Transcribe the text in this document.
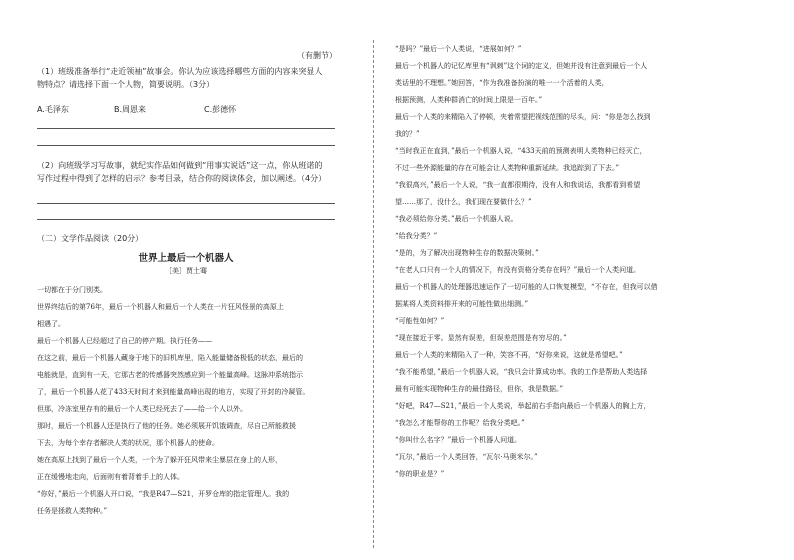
（有删节）
（1）班级准备举行“走近领袖”故事会。你认为应该选择哪些方面的内容来突显人
物特点？请选择下面一个人物，简要说明。（3分）
A.毛泽东	B.周恩来	C.彭德怀
（2）向班级学习写故事，就纪实作品如何做到“用事实说话”这一点，你从班诺的
写作过程中得到了怎样的启示？参考目录，结合你的阅读体会，加以阐述。（4分）
（二）文学作品阅读（20分）
世界上最后一个机器人
［美］贾土骞
一切都在于分门别类。
世界终结后的第76年，最后一个机器人和最后一个人类在一片狂风怪景的高原上
相遇了。
最后一个机器人已经超过了自己的停产期。执行任务——
在这之前，最后一个机器人藏身于地下的旧机库里，陷入能量储备极低的状态，最后的
电能就是，直到有一天，它那古老的传感器突然感应到一个能量高峰。这脉冲系统指示
了，最后一个机器人花了433天时间才来到能量高峰出现的地方，实现了开封的冷凝管。
但那，冷冻室里存有的最后一个人类已经死去了——给一个人以外。
那时，最后一个机器人还是执行了他的任务。她必须展开饥饿调查，尽自己所能救援
下去，为每个幸存者解决人类的状况，那个机器人的使命。
她在高原上找到了最后一个人类，一个为了躲开狂风带来尘暴层在身上的人形，
正在缓慢地走向，后面则有着背着手上的人体。
“你好，”最后一个机器人开口说，“我是R47—S21，开罗仓库的指定管理人。我的
任务是拯救人类物种。”
“是吗？”最后一个人类说，“进展如何？”
最后一个机器人的记忆库里有“讽刺”这个词的定义，但她并没有注意到最后一个人
类话里的不理想。”她回答，“作为我准备扮演的唯一一个活着的人类，
根据预测，人类种群消亡的时间上限是一百年。”
最后一个人类的来精陷入了停顿，夹着常望把视线范围的尽头，问：“你是怎么找到
我的？”
“当时我正在直到，”最后一个机器人说，“433天前的预测表明人类物种已经灭亡，
不过一些外源能量的存在可能会让人类物种重新延续。我追踪到了下去。”
“我很高兴，”最后一个人说，“我一直都很期待，没有人和我说话，我都看到希望
望……那了，没什么，我们现在要做什么？”
“我必须给你分类。”最后一个机器人说。
“给我分类？”
“是的，为了解决出现物种生存的数据决策树。”
“在老人口只有一个人的情况下，有没有资格分类存在吗？”最后一个人类问道。
最后一个机器人的处理器迅速运作了一切可能的人口恢复模型，“不存在，但我可以借
据某将人类资料排开来的可能性做出细测。”
“可能性如何？”
“现在接近于零。显然有误差，但误差范围是有穷尽的。”
最后一个人类的来精陷入了一种，笑容不再，“好你来说，这就是希望吧。”
“我不能希望，”最后一个机器人说，“我只会计算成功率。我的工作是帮助人类选择
最有可能实现物种生存的最佳路径，但你，我是数据。”
“好吧，R47—S21，”最后一个人类说，举起前右手指向最后一个机器人的胸上方，
“我怎么才能帮你的工作呢？给我分类吧。”
“你叫什么名字？”最后一个机器人问道。
“瓦尔，”最后一个人类回答，“瓦尔·马奥米尔。”
“你的职业是？”
